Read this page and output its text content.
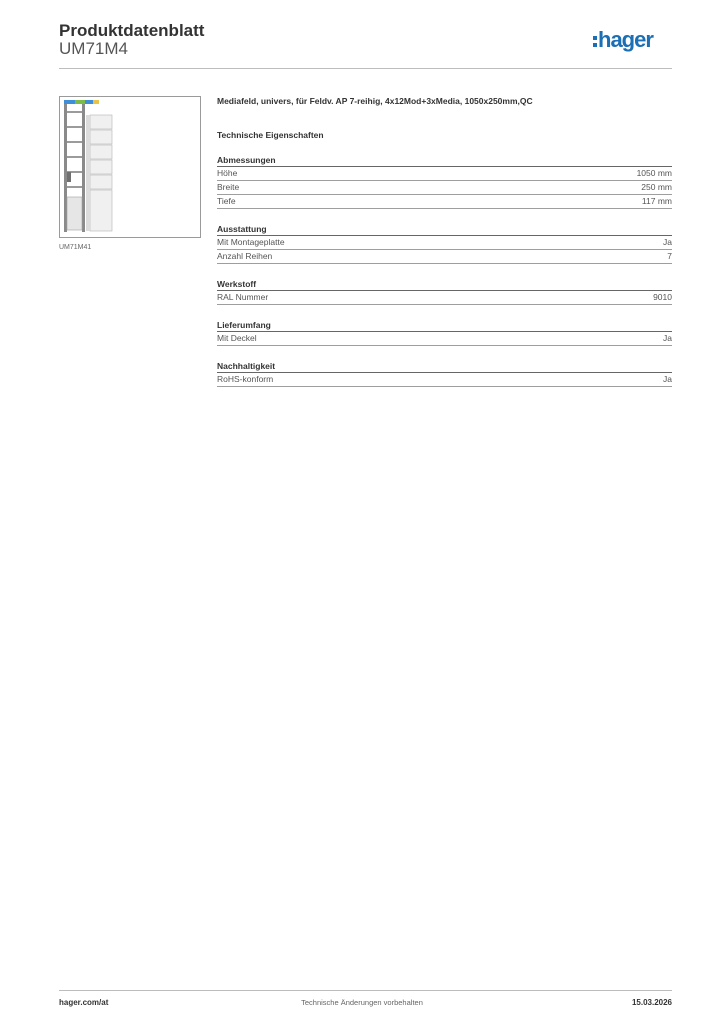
Produktdatenblatt
UM71M4	hager
UM71M41
Mediafeld, univers, für Feldv. AP 7-reihig, 4x12Mod+3xMedia, 1050x250mm,QC
Technische Eigenschaften
Abmessungen
Höhe	1050 mm
Breite	250 mm
Tiefe	117 mm
Ausstattung
Mit Montageplatte	Ja
Anzahl Reihen	7
Werkstoff
RAL Nummer	9010
Lieferumfang
Mit Deckel	Ja
Nachhaltigkeit
RoHS-konform	Ja
hager.com/at	Technische Änderungen vorbehalten	15.03.2026
